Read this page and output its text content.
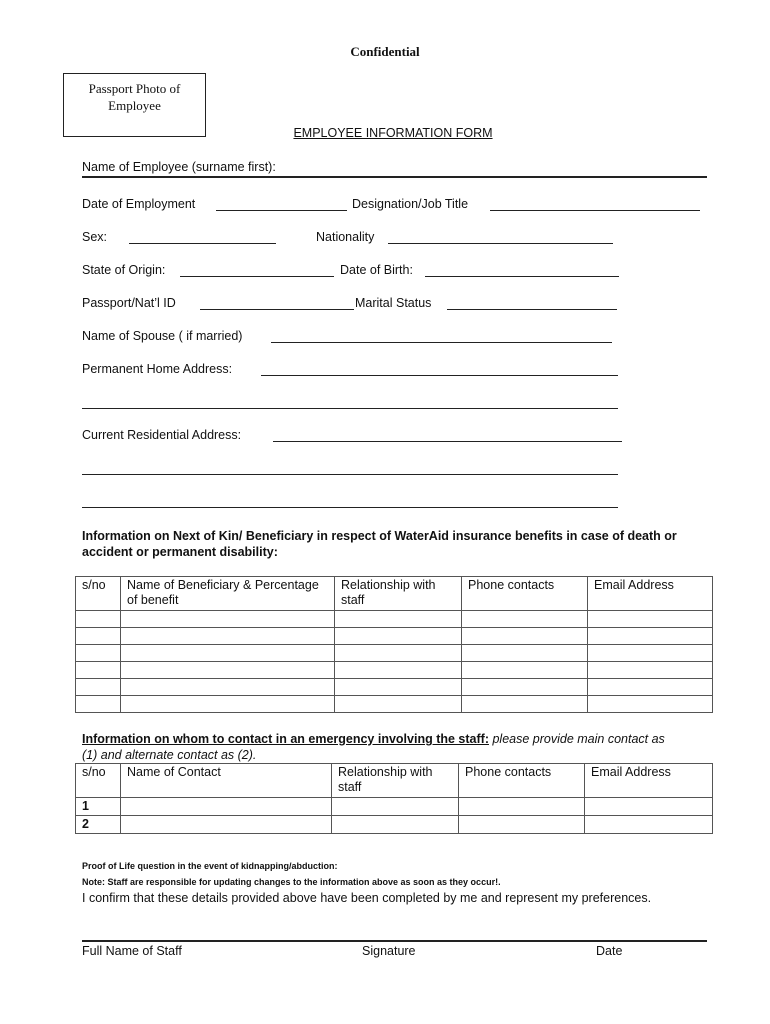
Confidential
Passport Photo of Employee
EMPLOYEE INFORMATION FORM
Name of Employee (surname first):
Date of Employment	Designation/Job Title
Sex:	Nationality
State of Origin:	Date of Birth:
Passport/Nat’l ID	Marital Status
Name of Spouse ( if married)
Permanent Home Address:
Current Residential Address:
Information on Next of Kin/ Beneficiary in respect of WaterAid insurance benefits in case of death or accident or permanent disability:
s/no	Name of Beneficiary & Percentage of benefit	Relationship with staff	Phone contacts	Email Address

Information on whom to contact in an emergency involving the staff: please provide main contact as (1) and alternate contact as (2).
s/no	Name of Contact	Relationship with staff	Phone contacts	Email Address
1				
2				
Proof of Life question in the event of kidnapping/abduction:
Note: Staff are responsible for updating changes to the information above as soon as they occur!.
I confirm that these details provided above have been completed by me and represent my preferences.
Full Name of Staff	Signature	Date
